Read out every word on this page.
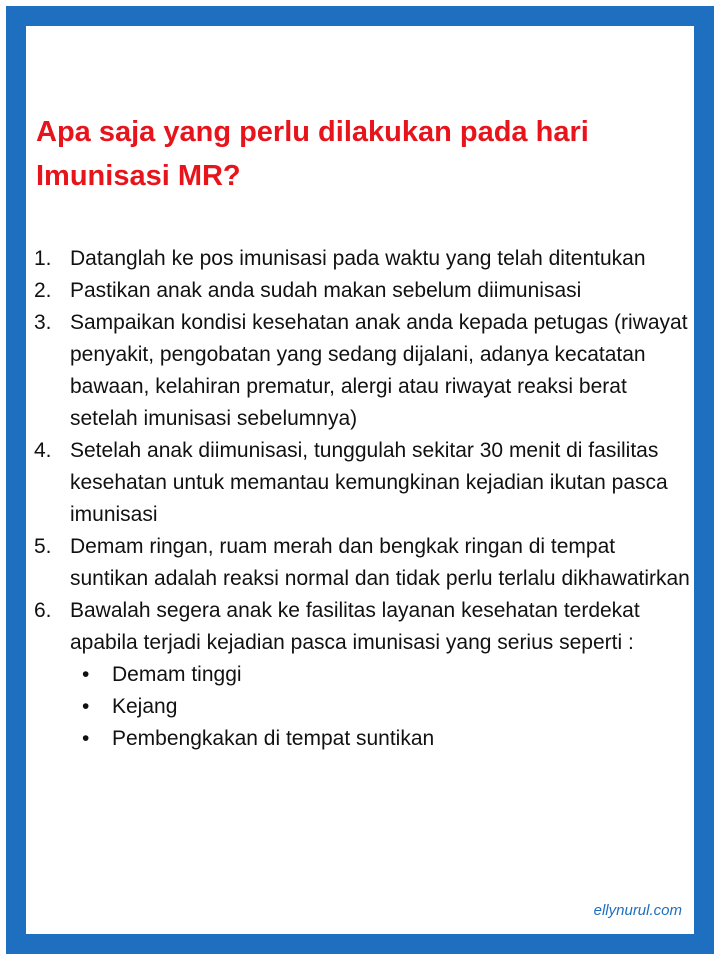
Apa saja yang perlu dilakukan pada hari Imunisasi MR?
1. Datanglah ke pos imunisasi pada waktu yang telah ditentukan
2. Pastikan anak anda sudah makan sebelum diimunisasi
3. Sampaikan kondisi kesehatan anak anda kepada petugas (riwayat penyakit, pengobatan yang sedang dijalani, adanya kecatatan bawaan, kelahiran prematur, alergi atau riwayat reaksi berat setelah imunisasi sebelumnya)
4. Setelah anak diimunisasi, tunggulah sekitar 30 menit di fasilitas kesehatan untuk memantau kemungkinan kejadian ikutan pasca imunisasi
5. Demam ringan, ruam merah dan bengkak ringan di tempat suntikan adalah reaksi normal dan tidak perlu terlalu dikhawatirkan
6. Bawalah segera anak ke fasilitas layanan kesehatan terdekat apabila terjadi kejadian pasca imunisasi yang serius seperti :
• Demam tinggi
• Kejang
• Pembengkakan di tempat suntikan
ellynurul.com
